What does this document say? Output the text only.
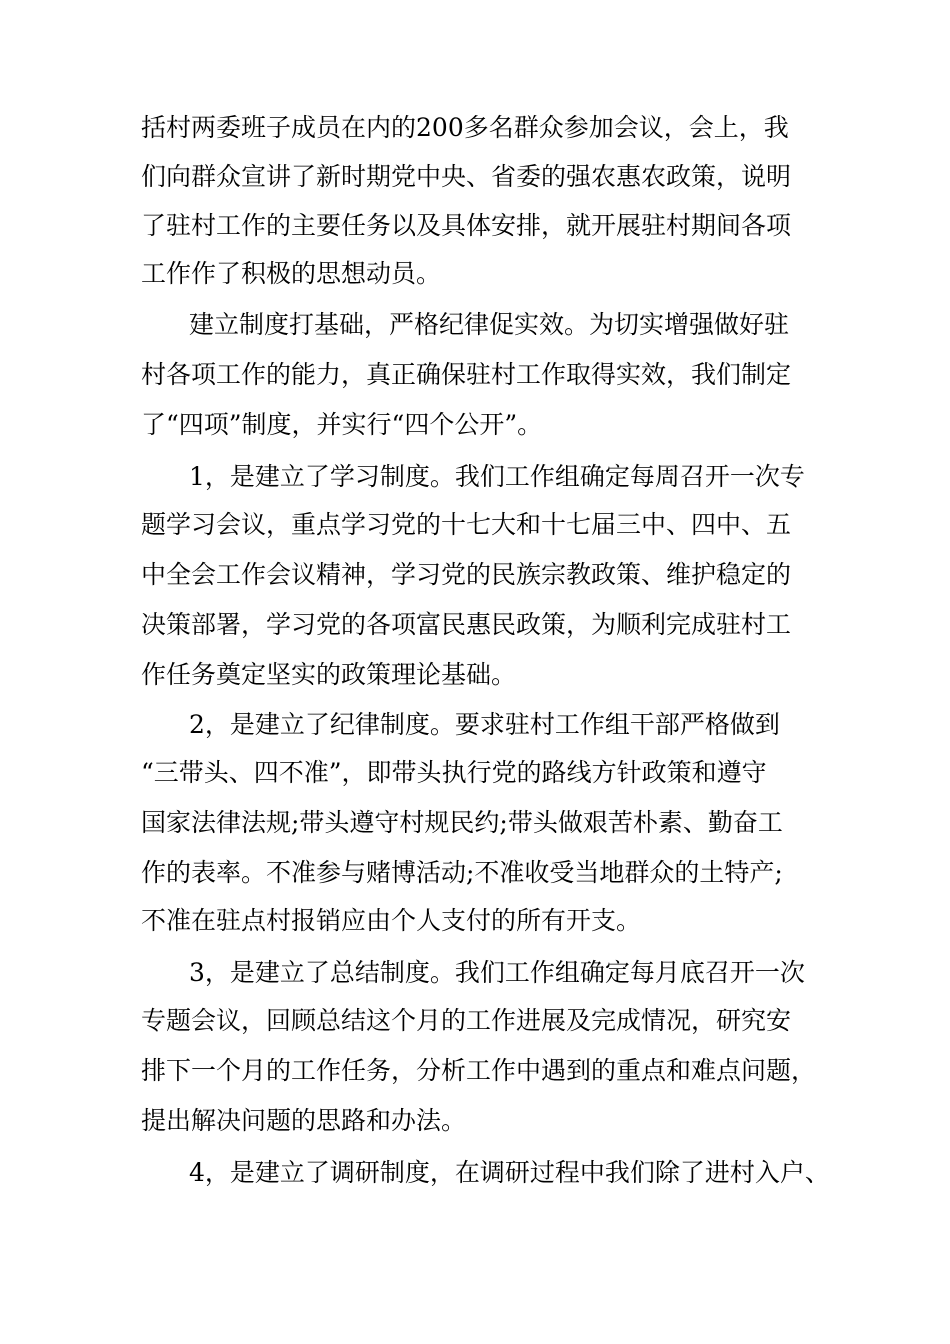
括村两委班子成员在内的200多名群众参加会议，会上，我
们向群众宣讲了新时期党中央、省委的强农惠农政策，说明
了驻村工作的主要任务以及具体安排，就开展驻村期间各项
工作作了积极的思想动员。
建立制度打基础，严格纪律促实效。为切实增强做好驻
村各项工作的能力，真正确保驻村工作取得实效，我们制定
了“四项”制度，并实行“四个公开”。
1，是建立了学习制度。我们工作组确定每周召开一次专
题学习会议，重点学习党的十七大和十七届三中、四中、五
中全会工作会议精神，学习党的民族宗教政策、维护稳定的
决策部署，学习党的各项富民惠民政策，为顺利完成驻村工
作任务奠定坚实的政策理论基础。
2，是建立了纪律制度。要求驻村工作组干部严格做到
“三带头、四不准”，即带头执行党的路线方针政策和遵守
国家法律法规;带头遵守村规民约;带头做艰苦朴素、勤奋工
作的表率。不准参与赌博活动;不准收受当地群众的土特产;
不准在驻点村报销应由个人支付的所有开支。
3，是建立了总结制度。我们工作组确定每月底召开一次
专题会议，回顾总结这个月的工作进展及完成情况，研究安
排下一个月的工作任务，分析工作中遇到的重点和难点问题，
提出解决问题的思路和办法。
4，是建立了调研制度，在调研过程中我们除了进村入户、
